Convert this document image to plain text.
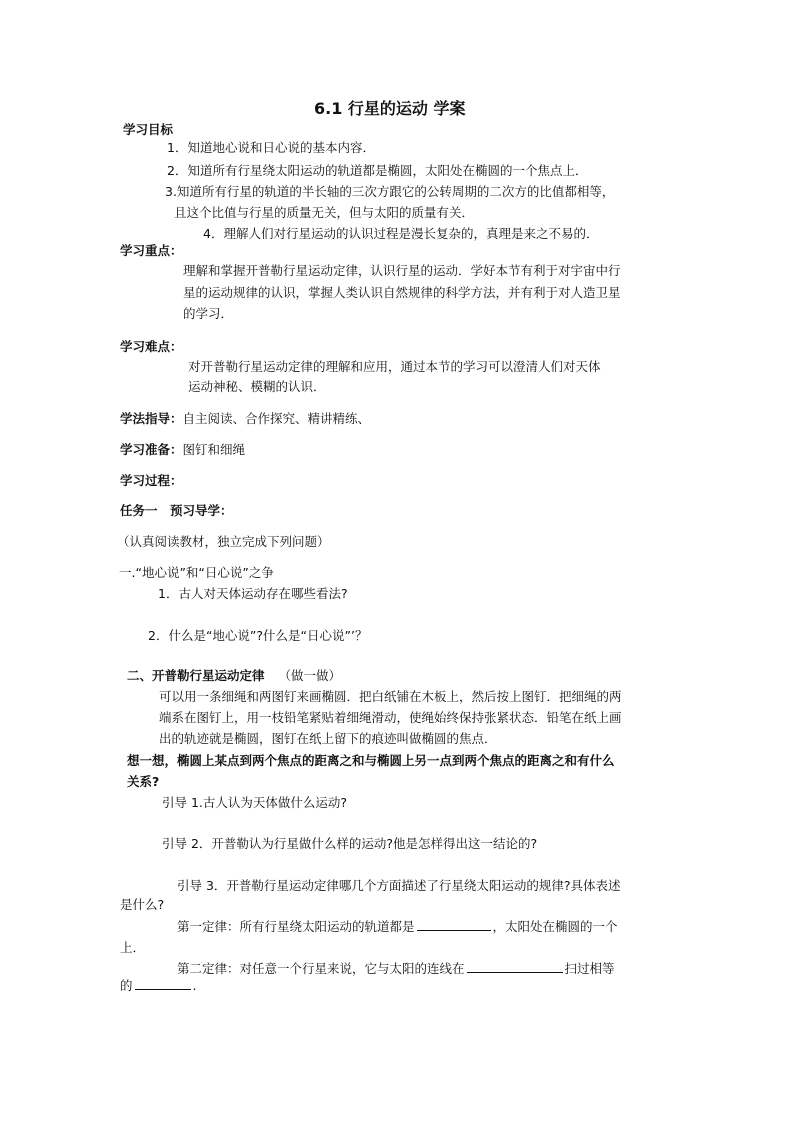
6.1 行星的运动 学案
学习目标
1．知道地心说和日心说的基本内容．
2．知道所有行星绕太阳运动的轨道都是椭圆，太阳处在椭圆的一个焦点上．
3.知道所有行星的轨道的半长轴的三次方跟它的公转周期的二次方的比值都相等，
且这个比值与行星的质量无关，但与太阳的质量有关．
4．理解人们对行星运动的认识过程是漫长复杂的，真理是来之不易的．
学习重点：
理解和掌握开普勒行星运动定律，认识行星的运动．学好本节有利于对宇宙中行
星的运动规律的认识，掌握人类认识自然规律的科学方法，并有利于对人造卫星
的学习．
学习难点：
对开普勒行星运动定律的理解和应用，通过本节的学习可以澄清人们对天体
运动神秘、模糊的认识．
学法指导：自主阅读、合作探究、精讲精练、
学习准备：图钉和细绳
学习过程：
任务一　预习导学：
（认真阅读教材，独立完成下列问题）
一.“地心说”和“日心说”之争
1．古人对天体运动存在哪些看法?
2．什么是“地心说”?什么是“日心说”’？
二、开普勒行星运动定律 （做一做）
可以用一条细绳和两图钉来画椭圆．把白纸铺在木板上，然后按上图钉．把细绳的两
端系在图钉上，用一枝铅笔紧贴着细绳滑动，使绳始终保持张紧状态．铅笔在纸上画
出的轨迹就是椭圆，图钉在纸上留下的痕迹叫做椭圆的焦点．
想一想，椭圆上某点到两个焦点的距离之和与椭圆上另一点到两个焦点的距离之和有什么
关系?
引导 1.古人认为天体做什么运动?
引导 2．开普勒认为行星做什么样的运动?他是怎样得出这一结论的?
引导 3．开普勒行星运动定律哪几个方面描述了行星绕太阳运动的规律?具体表述
是什么?
第一定律：所有行星绕太阳运动的轨道都是	，太阳处在椭圆的一个
上．
第二定律：对任意一个行星来说，它与太阳的连线在	扫过相等
的	.
